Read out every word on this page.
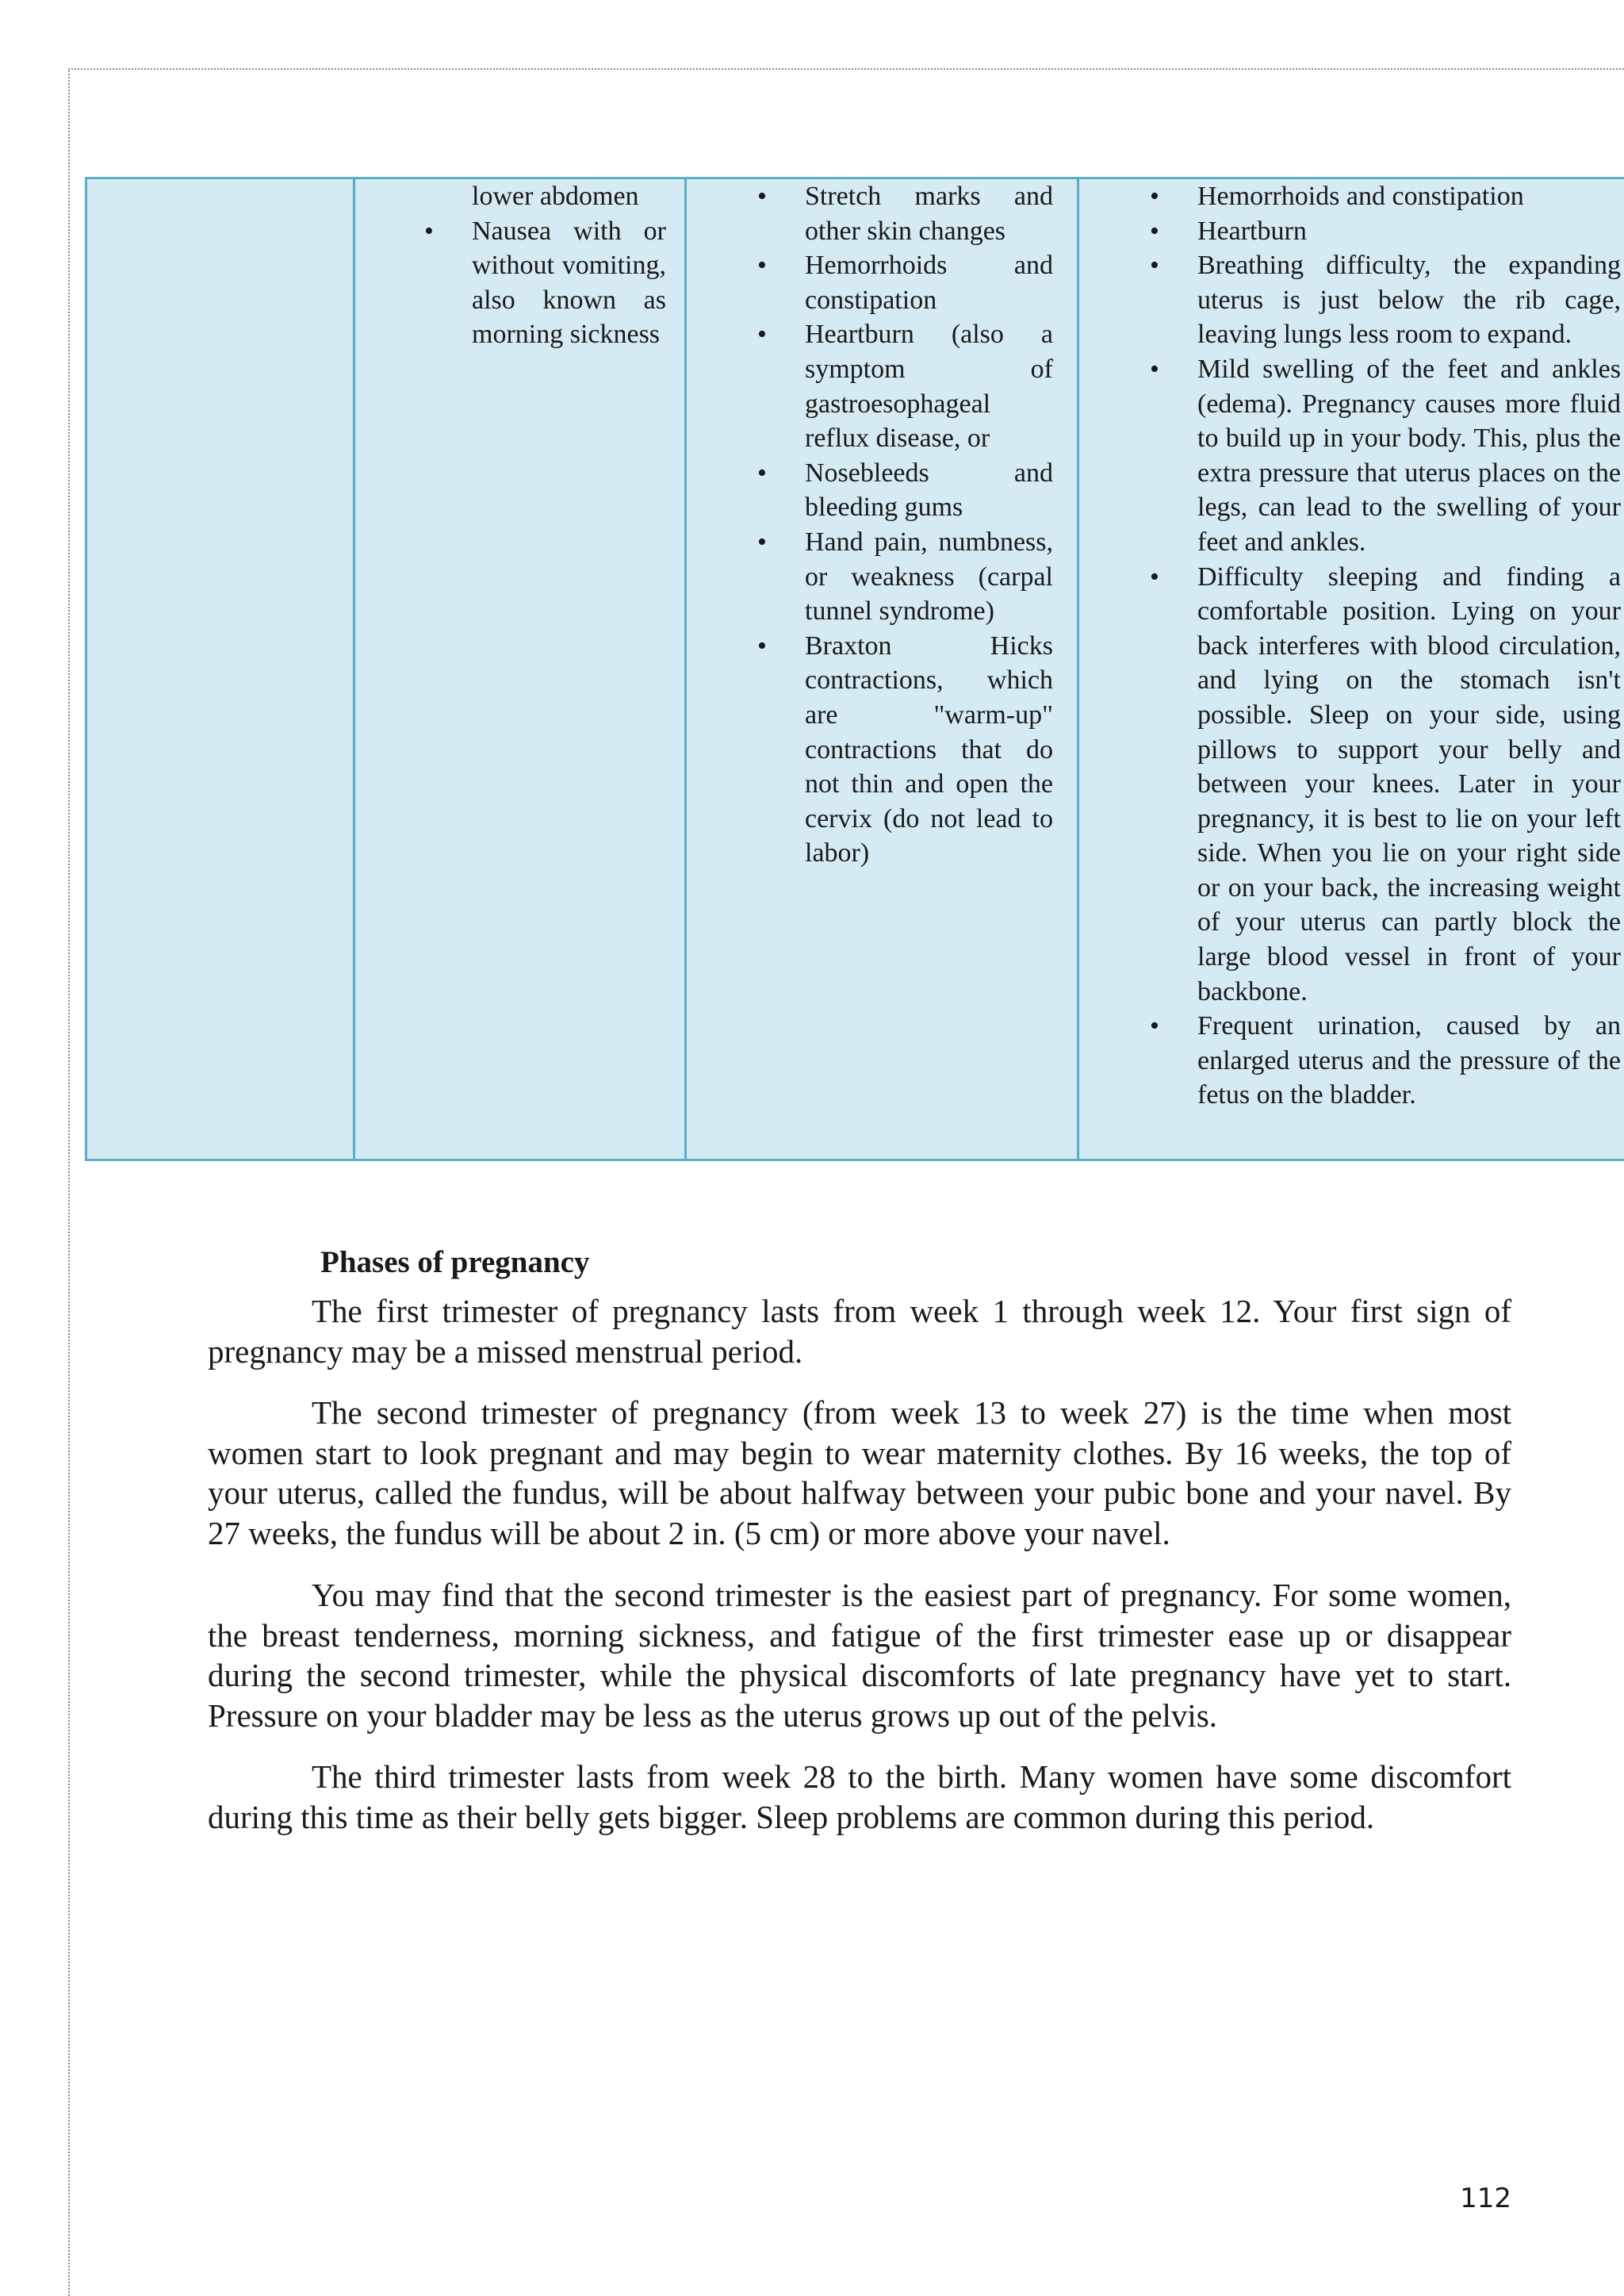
lower abdomen
• Nausea with or without vomiting, also known as morning sickness
• Stretch marks and other skin changes
• Hemorrhoids and constipation
• Heartburn (also a symptom of gastroesophageal reflux disease, or
• Nosebleeds and bleeding gums
• Hand pain, numbness, or weakness (carpal tunnel syndrome)
• Braxton Hicks contractions, which are "warm-up" contractions that do not thin and open the cervix (do not lead to labor)
• Hemorrhoids and constipation
• Heartburn
• Breathing difficulty, the expanding uterus is just below the rib cage, leaving lungs less room to expand.
• Mild swelling of the feet and ankles (edema). Pregnancy causes more fluid to build up in your body. This, plus the extra pressure that uterus places on the legs, can lead to the swelling of your feet and ankles.
• Difficulty sleeping and finding a comfortable position. Lying on your back interferes with blood circulation, and lying on the stomach isn't possible. Sleep on your side, using pillows to support your belly and between your knees. Later in your pregnancy, it is best to lie on your left side. When you lie on your right side or on your back, the increasing weight of your uterus can partly block the large blood vessel in front of your backbone.
• Frequent urination, caused by an enlarged uterus and the pressure of the fetus on the bladder.
Phases of pregnancy

The first trimester of pregnancy lasts from week 1 through week 12. Your first sign of pregnancy may be a missed menstrual period.

The second trimester of pregnancy (from week 13 to week 27) is the time when most women start to look pregnant and may begin to wear maternity clothes. By 16 weeks, the top of your uterus, called the fundus, will be about halfway between your pubic bone and your navel. By 27 weeks, the fundus will be about 2 in. (5 cm) or more above your navel.

You may find that the second trimester is the easiest part of pregnancy. For some women, the breast tenderness, morning sickness, and fatigue of the first trimester ease up or disappear during the second trimester, while the physical discomforts of late pregnancy have yet to start. Pressure on your bladder may be less as the uterus grows up out of the pelvis.

The third trimester lasts from week 28 to the birth. Many women have some discomfort during this time as their belly gets bigger. Sleep problems are common during this period.

112
